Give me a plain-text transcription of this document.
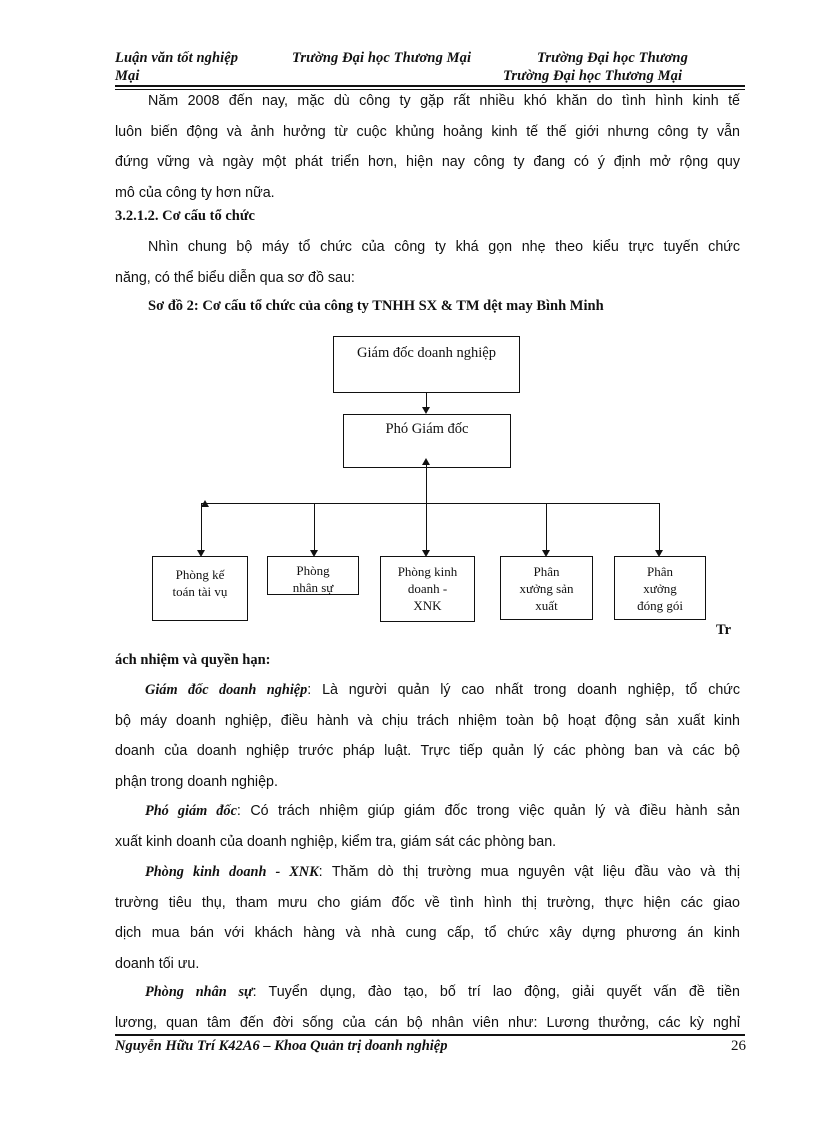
Luận văn tốt nghiệp	Trường Đại học Thương Mại	Trường Đại học Thương
Mại	Trường Đại học Thương Mại
Năm 2008 đến nay, mặc dù công ty gặp rất nhiều khó khăn do tình hình kinh tế
luôn biến động và ảnh hưởng từ cuộc khủng hoảng kinh tế thế giới nhưng công ty vẫn
đứng vững và ngày một phát triển hơn, hiện nay công ty đang có ý định mở rộng quy
mô của công ty hơn nữa.
3.2.1.2. Cơ cấu tổ chức
Nhìn chung bộ máy tổ chức của công ty khá gọn nhẹ theo kiểu trực tuyến chức
năng, có thể biểu diễn qua sơ đồ sau:
Sơ đồ 2: Cơ cấu tổ chức của công ty TNHH SX & TM dệt may Bình Minh
Giám đốc doanh nghiệp
Phó Giám đốc
Phòng kế
toán tài vụ
Phòng
nhân sự
Phòng kinh
doanh -
XNK
Phân
xưởng sản
xuất
Phân
xưởng
đóng gói
Tr
ách nhiệm và quyền hạn:
Giám đốc doanh nghiệp: Là người quản lý cao nhất trong doanh nghiệp, tổ chức
bộ máy doanh nghiệp, điều hành và chịu trách nhiệm toàn bộ hoạt động sản xuất kinh
doanh của doanh nghiệp trước pháp luật. Trực tiếp quản lý các phòng ban và các bộ
phận trong doanh nghiệp.
Phó giám đốc: Có trách nhiệm giúp giám đốc trong việc quản lý và điều hành sản
xuất kinh doanh của doanh nghiệp, kiểm tra, giám sát các phòng ban.
Phòng kinh doanh - XNK: Thăm dò thị trường mua nguyên vật liệu đầu vào và thị
trường tiêu thụ, tham mưu cho giám đốc về tình hình thị trường, thực hiện các giao
dịch mua bán với khách hàng và nhà cung cấp, tổ chức xây dựng phương án kinh
doanh tối ưu.
Phòng nhân sự: Tuyển dụng, đào tạo, bố trí lao động, giải quyết vấn đề tiền
lương, quan tâm đến đời sống của cán bộ nhân viên như: Lương thưởng, các kỳ nghỉ
Nguyễn Hữu Trí K42A6 – Khoa Quản trị doanh nghiệp	26
